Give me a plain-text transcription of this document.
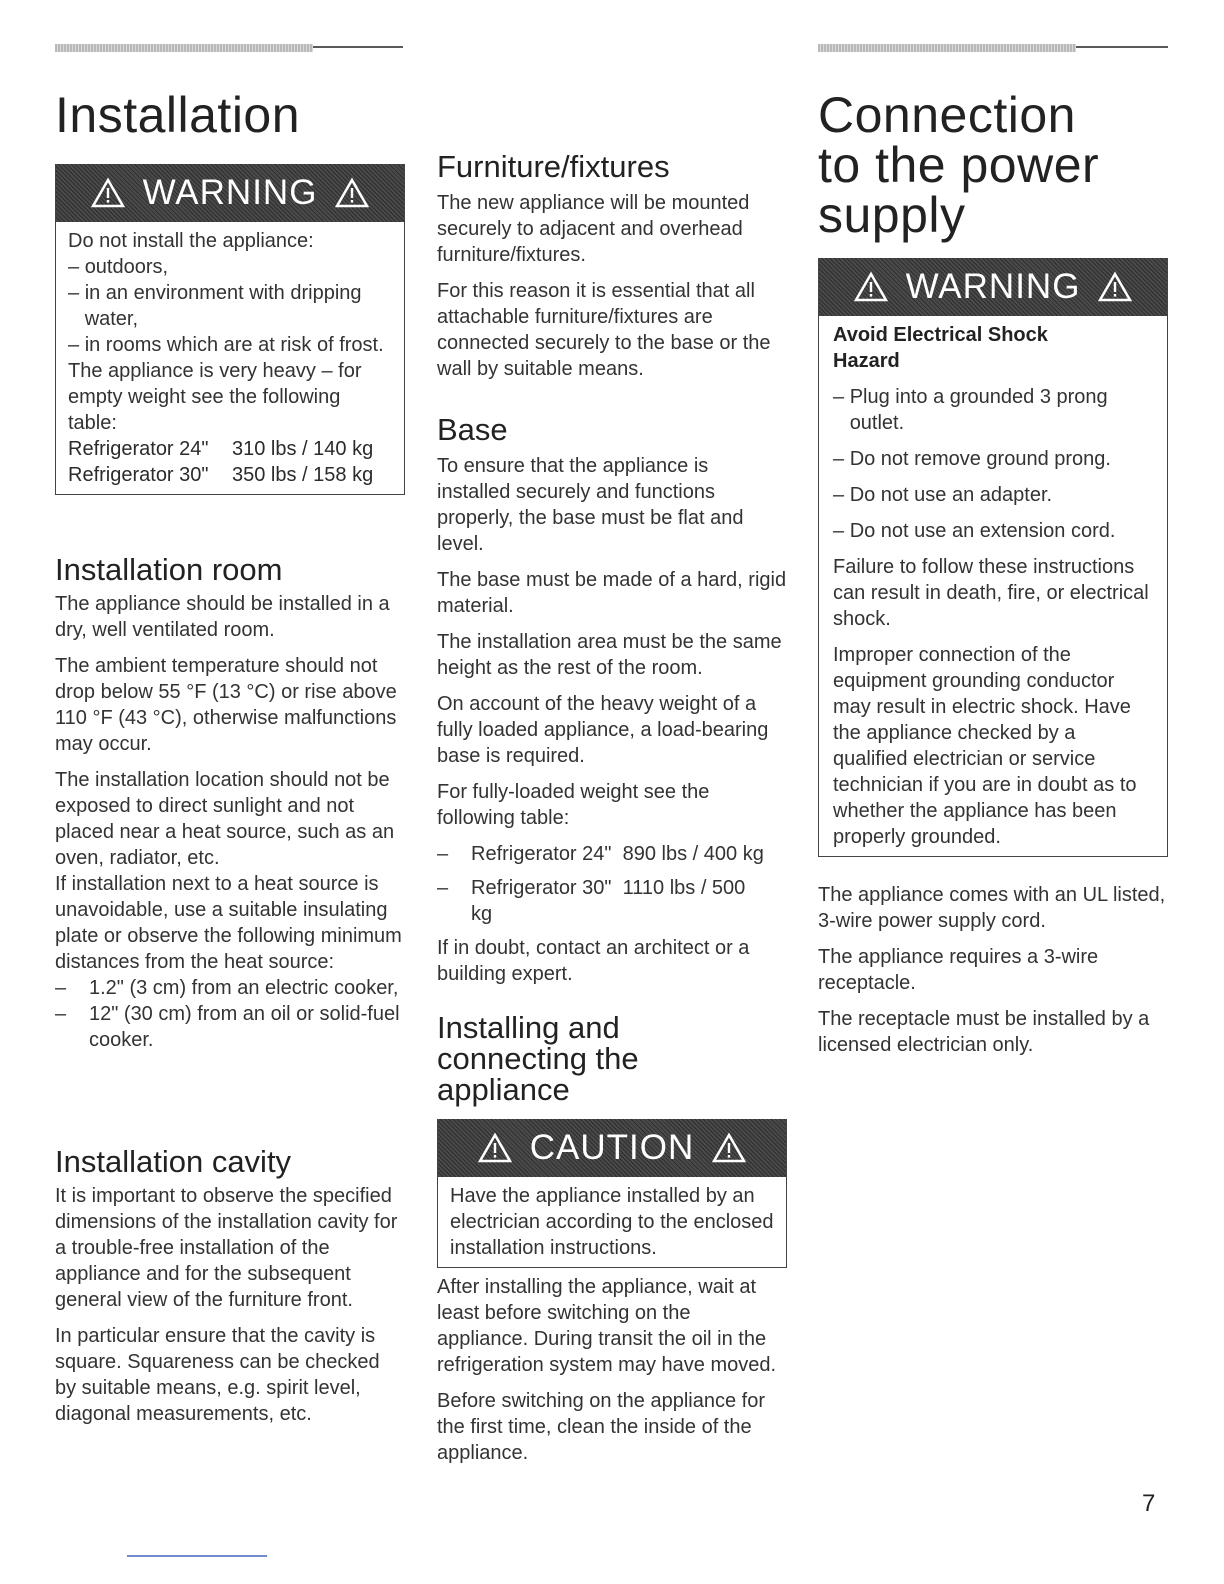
Installation
WARNING

Do not install the appliance:

– outdoors,
– in an environment with dripping water,
– in rooms which are at risk of frost.

The appliance is very heavy – for empty weight see the following table:

Refrigerator 24"	310 lbs / 140 kg
Refrigerator 30"	350 lbs / 158 kg
Installation room

The appliance should be installed in a dry, well ventilated room.

The ambient temperature should not drop below 55 °F (13 °C) or rise above 110 °F (43 °C), otherwise malfunctions may occur.

The installation location should not be exposed to direct sunlight and not placed near a heat source, such as an oven, radiator, etc.

If installation next to a heat source is unavoidable, use a suitable insulating plate or observe the following minimum distances from the heat source:

–	1.2" (3 cm) from an electric cooker,
–	12" (30 cm) from an oil or solid-fuel cooker.
Installation cavity

It is important to observe the specified dimensions of the installation cavity for a trouble-free installation of the appliance and for the subsequent general view of the furniture front.

In particular ensure that the cavity is square. Squareness can be checked by suitable means, e.g. spirit level, diagonal measurements, etc.

Furniture/fixtures

The new appliance will be mounted securely to adjacent and overhead furniture/fixtures.

For this reason it is essential that all attachable furniture/fixtures are connected securely to the base or the wall by suitable means.

Base

To ensure that the appliance is installed securely and functions properly, the base must be flat and level.

The base must be made of a hard, rigid material.

The installation area must be the same height as the rest of the room.

On account of the heavy weight of a fully loaded appliance, a load-bearing base is required.

For fully-loaded weight see the following table:

–	Refrigerator 24"  890 lbs / 400 kg
–	Refrigerator 30"  1110 lbs / 500 kg

If in doubt, contact an architect or a building expert.

Installing and connecting the appliance
CAUTION

Have the appliance installed by an electrician according to the enclosed installation instructions.

After installing the appliance, wait at least before switching on the appliance. During transit the oil in the refrigeration system may have moved.

Before switching on the appliance for the first time, clean the inside of the appliance.

Connection to the power supply
WARNING

Avoid Electrical Shock Hazard

– Plug into a grounded 3 prong outlet.
– Do not remove ground prong.
– Do not use an adapter.
– Do not use an extension cord.

Failure to follow these instructions can result in death, fire, or electrical shock.

Improper connection of the equipment grounding conductor may result in electric shock. Have the appliance checked by a qualified electrician or service technician if you are in doubt as to whether the appliance has been properly grounded.

The appliance comes with an UL listed, 3-wire power supply cord.

The appliance requires a 3-wire receptacle.

The receptacle must be installed by a licensed electrician only.

7
